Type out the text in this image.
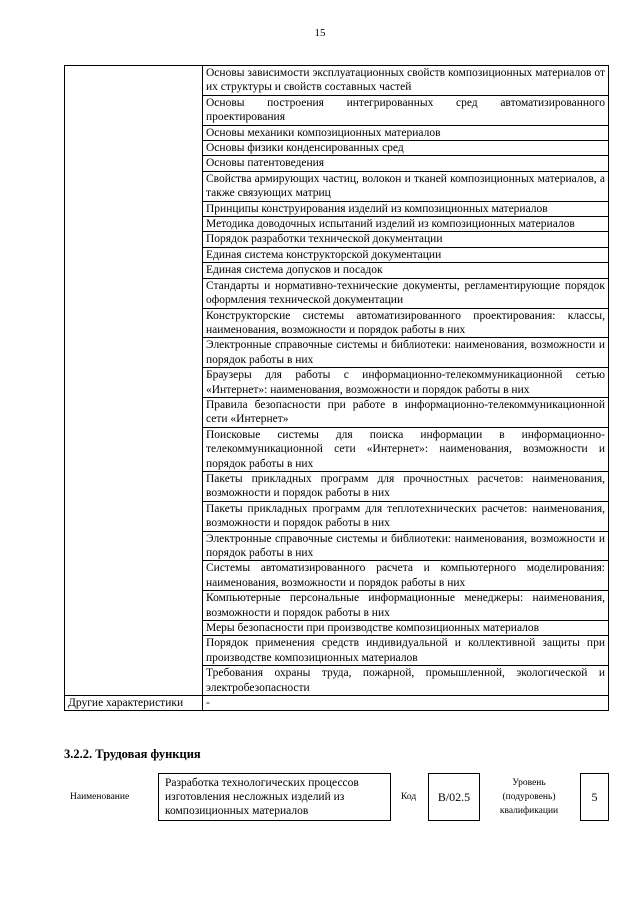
15
	Основы зависимости эксплуатационных свойств композиционных материалов от их структуры и свойств составных частей
	Основы построения интегрированных сред автоматизированного проектирования
	Основы механики композиционных материалов
	Основы физики конденсированных сред
	Основы патентоведения
	Свойства армирующих частиц, волокон и тканей композиционных материалов, а также связующих матриц
	Принципы конструирования изделий из композиционных материалов
	Методика доводочных испытаний изделий из композиционных материалов
	Порядок разработки технической документации
	Единая система конструкторской документации
	Единая система допусков и посадок
	Стандарты и нормативно-технические документы, регламентирующие порядок оформления технической документации
	Конструкторские системы автоматизированного проектирования: классы, наименования, возможности и порядок работы в них
	Электронные справочные системы и библиотеки: наименования, возможности и порядок работы в них
	Браузеры для работы с информационно-телекоммуникационной сетью «Интернет»: наименования, возможности и порядок работы в них
	Правила безопасности при работе в информационно-телекоммуникационной сети «Интернет»
	Поисковые системы для поиска информации в информационно-телекоммуникационной сети «Интернет»: наименования, возможности и порядок работы в них
	Пакеты прикладных программ для прочностных расчетов: наименования, возможности и порядок работы в них
	Пакеты прикладных программ для теплотехнических расчетов: наименования, возможности и порядок работы в них
	Электронные справочные системы и библиотеки: наименования, возможности и порядок работы в них
	Системы автоматизированного расчета и компьютерного моделирования: наименования, возможности и порядок работы в них
	Компьютерные персональные информационные менеджеры: наименования, возможности и порядок работы в них
	Меры безопасности при производстве композиционных материалов
	Порядок применения средств индивидуальной и коллективной защиты при производстве композиционных материалов
	Требования охраны труда, пожарной, промышленной, экологической и электробезопасности
Другие характеристики	-
3.2.2. Трудовая функция
Наименование
Разработка технологических процессов изготовления несложных изделий из композиционных материалов
Код	B/02.5
Уровень (подуровень) квалификации
5
